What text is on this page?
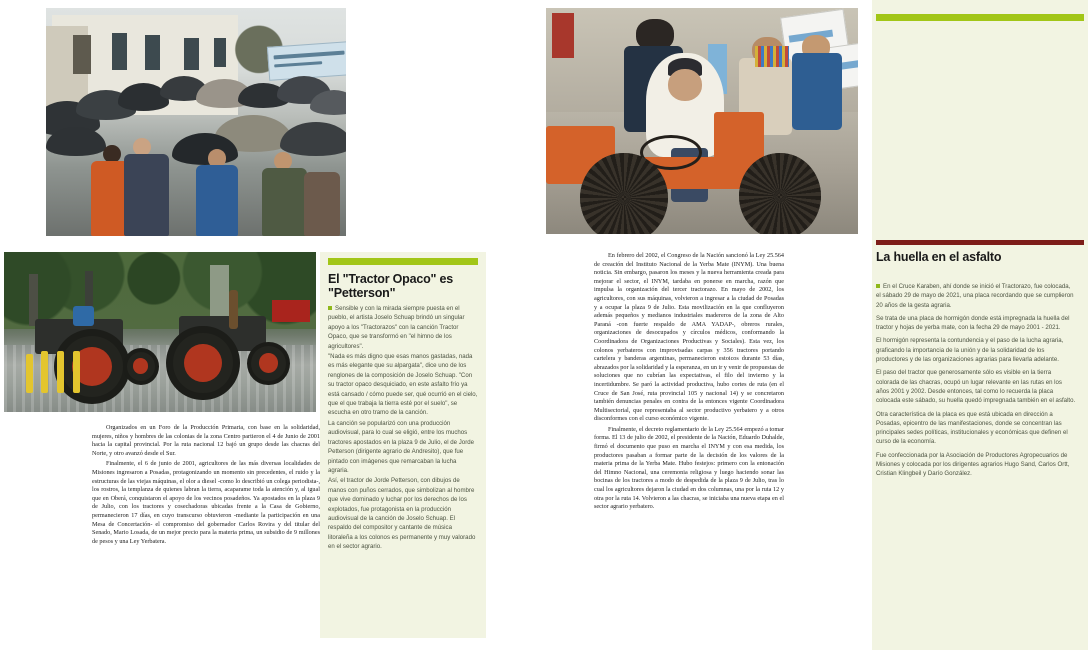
Organizados en un Foro de la Producción Primaria, con base en la solidaridad, mujeres, niños y hombres de las colonias de la zona Centro partieron el 4 de Junio de 2001 hacia la capital provincial. Por la ruta nacional 12 bajó un grupo desde las chacras del Norte, y otro avanzó desde el Sur.

Finalmente, el 6 de junio de 2001, agricultores de las más diversas localidades de Misiones ingresaron a Posadas, protagonizando un momento sin precedentes, el ruido y la estructuras de las viejas máquinas, el olor a diesel -como lo describió un colega periodista-, los rostros, la templanza de quienes labran la tierra, acaparame toda la atención y, al igual que en Oberá, conquistaron el apoyo de los vecinos posadeños. Ya apostados en la plaza 9 de Julio, con los tractores y cosechadoras ubicadas frente a la Casa de Gobierno, permanecieron 17 días, en cuyo transcurso obtuvieron -mediante la participación en una Mesa de Concertación- el compromiso del gobernador Carlos Rovira y del titular del Senado, Mario Losada, de un mejor precio para la materia prima, un subsidio de 9 millones de pesos y una Ley Yerbatera.

El "Tractor Opaco" es "Petterson"

Sensible y con la mirada siempre puesta en el pueblo, el artista Joselo Schuap brindó un singular apoyo a los "Tractorazos" con la canción Tractor Opaco, que se transformó en "el himno de los agricultores".

"Nada es más digno que esas manos gastadas, nada es más elegante que su alpargata", dice uno de los renglones de la composición de Joselo Schuap. "Con su tractor opaco desquiciado, en este asfalto frío ya está cansado / cómo puede ser, qué ocurrió en el cielo, que el que trabaja la tierra esté por el suelo", se escucha en otro tramo de la canción.

La canción se popularizó con una producción audiovisual, para lo cual se eligió, entre los muchos tractores apostados en la plaza 9 de Julio, el de Jorde Petterson (dirigente agrario de Andresito), que fue pintado con imágenes que remarcaban la lucha agraria.

Así, el tractor de Jorde Petterson, con dibujos de manos con puños cerrados, que simbolizan al hombre que vive dominado y luchar por los derechos de los explotados, fue protagonista en la producción audiovisual de la canción de Joselo Schuap. El respaldo del compositor y cantante de música litoraleña a los colonos es permanente y muy valorado en el sector agrario.

En febrero del 2002, el Congreso de la Nación sancionó la Ley 25.564 de creación del Instituto Nacional de la Yerba Mate (INYM). Una buena noticia. Sin embargo, pasaron los meses y la nueva herramienta creada para mejorar el sector, el INYM, tardaba en ponerse en marcha, razón que impulsa la organización del tercer tractorazo. En mayo de 2002, los agricultores, con sus máquinas, volvieron a ingresar a la ciudad de Posadas y a ocupar la plaza 9 de Julio. Esta movilización en la que confluyeron además pequeños y medianos industriales madereros de la zona de Alto Paraná -con fuerte respaldo de AMA YADAP-, obreros rurales, organizaciones de desocupados y círculos médicos, conformando la Coordinadora de Organizaciones Productivas y Sociales). Esta vez, los colonos yerbateros con improvisadas carpas y 356 tractores portando cartelera y banderas argentinas, permanecieron estoicos durante 53 días, abrazados por la solidaridad y la esperanza, en un ir y venir de propuestas de soluciones que no cubrían las expectativas, el filo del invierno y la incertidumbre. Se paró la actividad productiva, hubo cortes de ruta (en el Cruce de San José, ruta provincial 105 y nacional 14) y se concretaron también denuncias penales en contra de la entonces vigente Coordinadora Multisectorial, que representaba al sector productivo yerbatero y a otros disconformes con el curso económico vigente.

Finalmente, el decreto reglamentario de la Ley 25.564 empezó a tomar forma. El 13 de julio de 2002, el presidente de la Nación, Eduardo Duhalde, firmó el documento que puso en marcha el INYM y con esa medida, los productores pasaban a formar parte de la decisión de los valores de la materia prima de la Yerba Mate. Hubo festejos: primero con la entonación del Himno Nacional, una ceremonia religiosa y luego haciendo sonar las bocinas de los tractores a modo de despedida de la plaza 9 de Julio, tras lo cual los agricultores dejaron la ciudad en dos columnas, una por la ruta 12 y otra por la ruta 14. Volvieron a las chacras, se iniciaba una nueva etapa en el sector agrario yerbatero.

La huella en el asfalto

En el Cruce Karaben, ahí donde se inició el Tractorazo, fue colocada, el sábado 29 de mayo de 2021, una placa recordando que se cumplieron 20 años de la gesta agraria.

Se trata de una placa de hormigón donde está impregnada la huella del tractor y hojas de yerba mate, con la fecha 29 de mayo 2001 - 2021.

El hormigón representa la contundencia y el paso de la lucha agraria, graficando la importancia de la unión y de la solidaridad de los productores y de las organizaciones agrarias para llevarla adelante.

El paso del tractor que generosamente sólo es visible en la tierra colorada de las chacras, ocupó un lugar relevante en las rutas en los años 2001 y 2002. Desde entonces, tal como lo recuerda la placa colocada este sábado, su huella quedó impregnada también en el asfalto.

Otra característica de la placa es que está ubicada en dirección a Posadas, epicentro de las manifestaciones, donde se concentran las principales sedes políticas, institucionales y económicas que definen el curso de la economía.

Fue confeccionada por la Asociación de Productores Agropecuarios de Misiones y colocada por los dirigentes agrarios Hugo Sand, Carlos Ortt, Cristian Klingbeil y Darío González.
